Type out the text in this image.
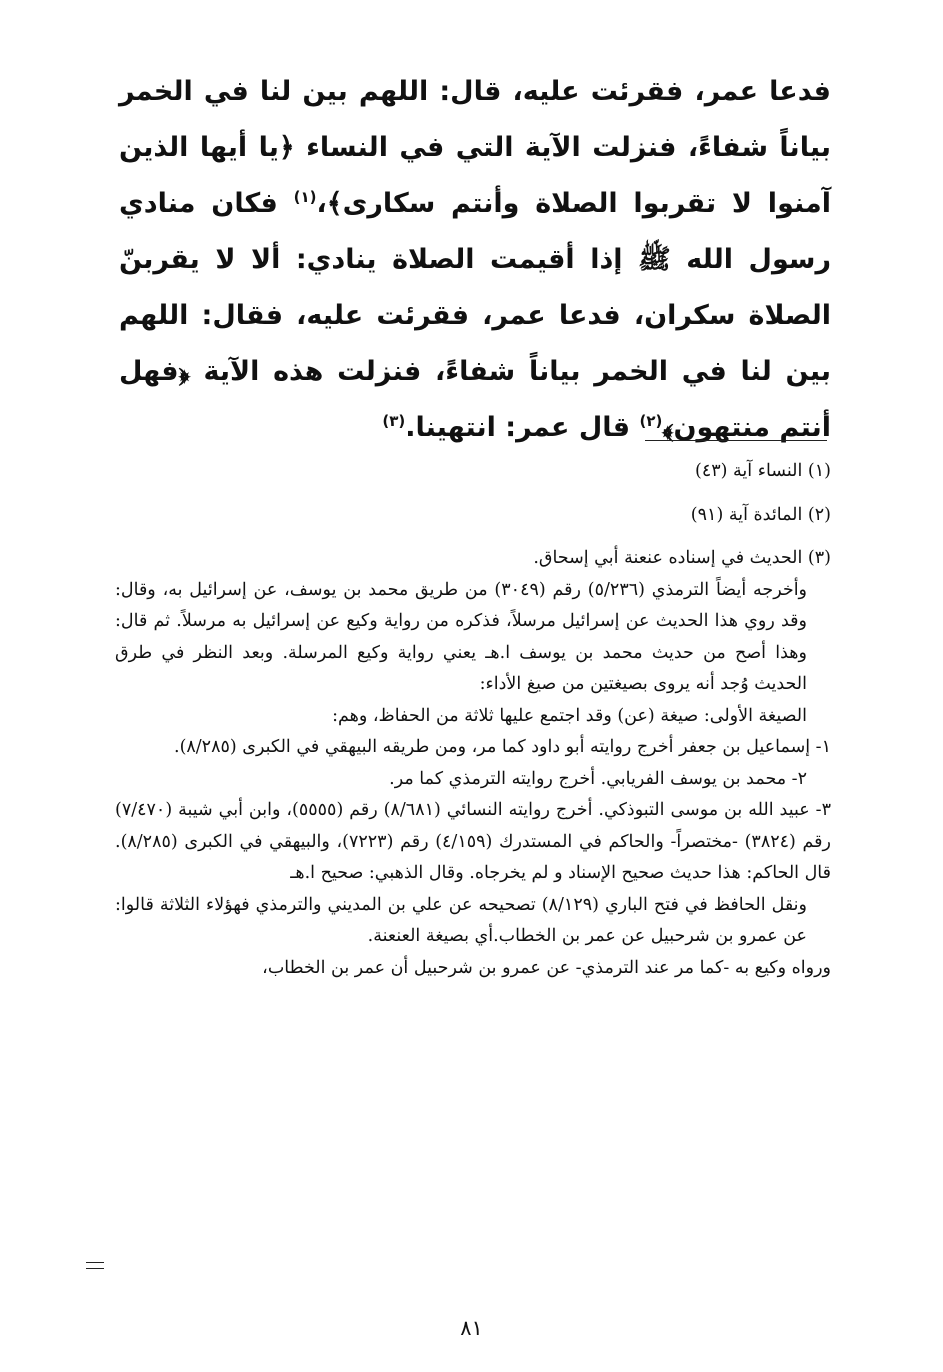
فدعا عمر، فقرئت عليه، قال: اللهم بين لنا في الخمر بياناً شفاءً، فنزلت الآية التي في النساء ﴿يا أيها الذين آمنوا لا تقربوا الصلاة وأنتم سكارى﴾،$^{(١)}$ فكان منادي رسول الله ﷺ إذا أقيمت الصلاة ينادي: ألا لا يقربنّ الصلاة سكران، فدعا عمر، فقرئت عليه، فقال: اللهم بين لنا في الخمر بياناً شفاءً، فنزلت هذه الآية ﴿فهل أنتم منتهون﴾$^{(٢)}$ قال عمر: انتهينا.$^{(٣)}$

(١) النساء آية (٤٣)

(٢) المائدة آية (٩١)

(٣) الحديث في إسناده عنعنة أبي إسحاق.

وأخرجه أيضاً الترمذي (٥/٢٣٦) رقم (٣٠٤٩) من طريق محمد بن يوسف، عن إسرائيل به، وقال: وقد روي هذا الحديث عن إسرائيل مرسلاً، فذكره من رواية وكيع عن إسرائيل به مرسلاً. ثم قال: وهذا أصح من حديث محمد بن يوسف ا.هـ يعني رواية وكيع المرسلة. وبعد النظر في طرق الحديث وُجد أنه يروى بصيغتين من صيغ الأداء:

الصيغة الأولى: صيغة (عن) وقد اجتمع عليها ثلاثة من الحفاظ، وهم:

١- إسماعيل بن جعفر أخرج روايته أبو داود كما مر، ومن طريقه البيهقي في الكبرى (٨/٢٨٥).

٢- محمد بن يوسف الفريابي. أخرج روايته الترمذي كما مر.

٣- عبيد الله بن موسى التبوذكي. أخرج روايته النسائي (٨/٦٨١) رقم (٥٥٥٥)، وابن أبي شيبة (٧/٤٧٠) رقم (٣٨٢٤) -مختصراً- والحاكم في المستدرك (٤/١٥٩) رقم (٧٢٢٣)، والبيهقي في الكبرى (٨/٢٨٥). قال الحاكم: هذا حديث صحيح الإسناد و لم يخرجاه. وقال الذهبي: صحيح ا.هـ

ونقل الحافظ في فتح الباري (٨/١٢٩) تصحيحه عن علي بن المديني والترمذي فهؤلاء الثلاثة قالوا: عن عمرو بن شرحبيل عن عمر بن الخطاب.أي بصيغة العنعنة.

ورواه وكيع به -كما مر عند الترمذي- عن عمرو بن شرحبيل أن عمر بن الخطاب،

٨١
